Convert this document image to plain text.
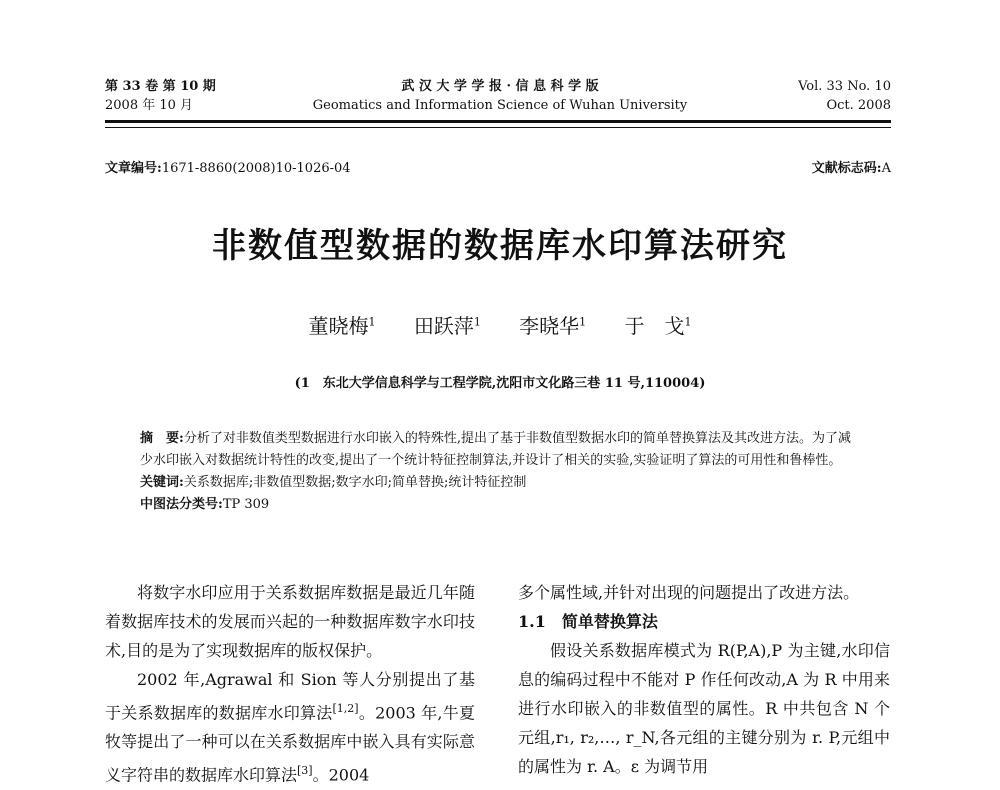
第 33 卷 第 10 期
2008 年 10 月
武 汉 大 学 学 报 · 信 息 科 学 版
Geomatics and Information Science of Wuhan University
Vol. 33 No. 10
Oct. 2008
文章编号:1671-8860(2008)10-1026-04	文献标志码:A
非数值型数据的数据库水印算法研究
董晓梅$^1$ 田跃萍$^1$ 李晓华$^1$ 于　戈$^1$
(1　东北大学信息科学与工程学院,沈阳市文化路三巷 11 号,110004)
摘　要:分析了对非数值类型数据进行水印嵌入的特殊性,提出了基于非数值型数据水印的简单替换算法及其改进方法。为了减少水印嵌入对数据统计特性的改变,提出了一个统计特征控制算法,并设计了相关的实验,实验证明了算法的可用性和鲁棒性。
关键词:关系数据库;非数值型数据;数字水印;简单替换;统计特征控制
中图法分类号:TP 309

将数字水印应用于关系数据库数据是最近几年随着数据库技术的发展而兴起的一种数据库数字水印技术,目的是为了实现数据库的版权保护。

2002 年,Agrawal 和 Sion 等人分别提出了基于关系数据库的数据库水印算法[1,2]。2003 年,牛夏牧等提出了一种可以在关系数据库中嵌入具有实际意义字符串的数据库水印算法[3]。2004

多个属性域,并针对出现的问题提出了改进方法。

1.1　简单替换算法

假设关系数据库模式为 R(P,A),P 为主键,水印信息的编码过程中不能对 P 作任何改动,A 为 R 中用来进行水印嵌入的非数值型的属性。R 中共包含 N 个元组,r₁, r₂,…, r_N,各元组的主键分别为 r. P,元组中的属性为 r. A。ε 为调节用
